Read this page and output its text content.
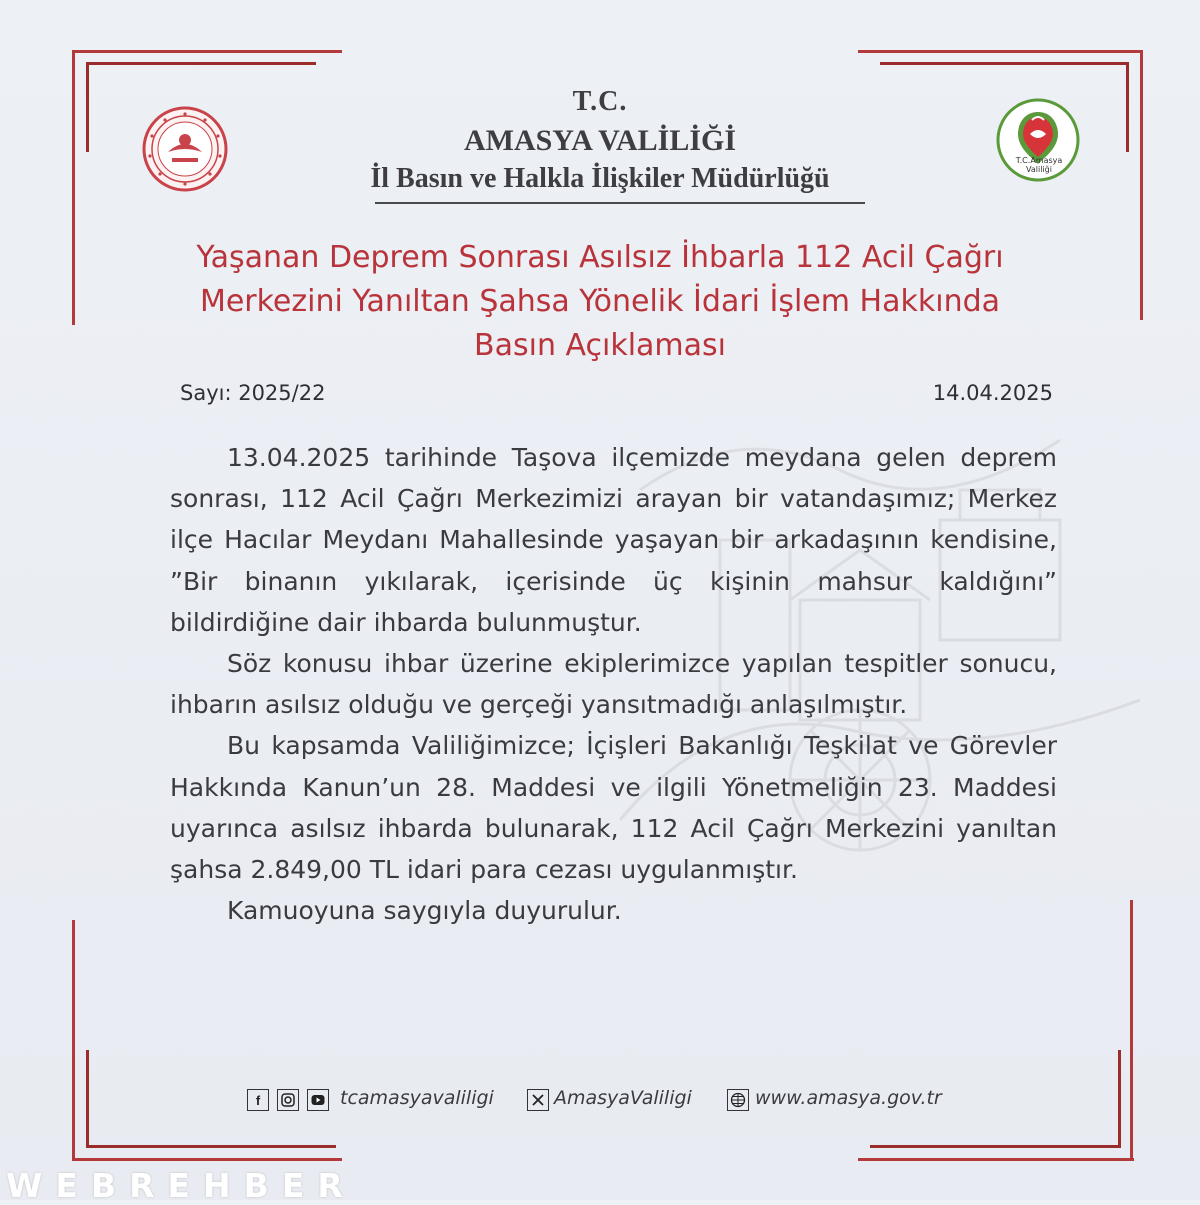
T.C.Amasya Valiliği
T.C.
AMASYA VALİLİĞİ
İl Basın ve Halkla İlişkiler Müdürlüğü
Yaşanan Deprem Sonrası Asılsız İhbarla 112 Acil Çağrı
Merkezini Yanıltan Şahsa Yönelik İdari İşlem Hakkında
Basın Açıklaması
Sayı: 2025/22	14.04.2025

13.04.2025 tarihinde Taşova ilçemizde meydana gelen deprem sonrası, 112 Acil Çağrı Merkezimizi arayan bir vatandaşımız; Merkez ilçe Hacılar Meydanı Mahallesinde yaşayan bir arkadaşının kendisine, ”Bir binanın yıkılarak, içerisinde üç kişinin mahsur kaldığını” bildirdiğine dair ihbarda bulunmuştur.

Söz konusu ihbar üzerine ekiplerimizce yapılan tespitler sonucu, ihbarın asılsız olduğu ve gerçeği yansıtmadığı anlaşılmıştır.

Bu kapsamda Valiliğimizce; İçişleri Bakanlığı Teşkilat ve Görevler Hakkında Kanun’un 28. Maddesi ve ilgili Yönetmeliğin 23. Maddesi uyarınca asılsız ihbarda bulunarak, 112 Acil Çağrı Merkezini yanıltan şahsa 2.849,00 TL idari para cezası uygulanmıştır.

Kamuoyuna saygıyla duyurulur.

f	tcamasyavaliligi	AmasyaValiligi	www.amasya.gov.tr
WEBREHBER
